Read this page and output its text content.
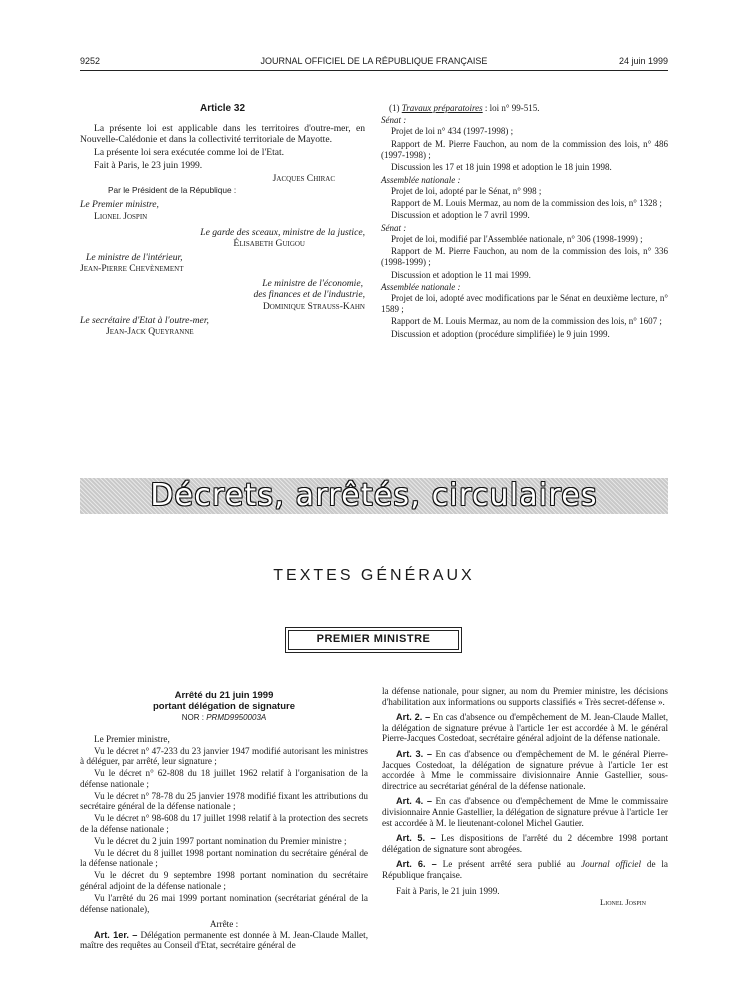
9252	JOURNAL OFFICIEL DE LA RÉPUBLIQUE FRANÇAISE	24 juin 1999
Article 32

La présente loi est applicable dans les territoires d'outre-mer, en Nouvelle-Calédonie et dans la collectivité territoriale de Mayotte.

La présente loi sera exécutée comme loi de l'Etat.

Fait à Paris, le 23 juin 1999.

Jacques Chirac

Par le Président de la République :

Le Premier ministre,

Lionel Jospin

Le garde des sceaux, ministre de la justice,

Élisabeth Guigou

Le ministre de l'intérieur,

Jean-Pierre Chevènement

Le ministre de l'économie,

des finances et de l'industrie,

Dominique Strauss-Kahn

Le secrétaire d'Etat à l'outre-mer,

Jean-Jack Queyranne

(1) Travaux préparatoires : loi n° 99-515.

Sénat :

Projet de loi n° 434 (1997-1998) ;

Rapport de M. Pierre Fauchon, au nom de la commission des lois, n° 486 (1997-1998) ;

Discussion les 17 et 18 juin 1998 et adoption le 18 juin 1998.

Assemblée nationale :

Projet de loi, adopté par le Sénat, n° 998 ;

Rapport de M. Louis Mermaz, au nom de la commission des lois, n° 1328 ;

Discussion et adoption le 7 avril 1999.

Sénat :

Projet de loi, modifié par l'Assemblée nationale, n° 306 (1998-1999) ;

Rapport de M. Pierre Fauchon, au nom de la commission des lois, n° 336 (1998-1999) ;

Discussion et adoption le 11 mai 1999.

Assemblée nationale :

Projet de loi, adopté avec modifications par le Sénat en deuxième lecture, n° 1589 ;

Rapport de M. Louis Mermaz, au nom de la commission des lois, n° 1607 ;

Discussion et adoption (procédure simplifiée) le 9 juin 1999.

Décrets, arrêtés, circulaires
TEXTES GÉNÉRAUX
PREMIER MINISTRE
Arrêté du 21 juin 1999
portant délégation de signature
NOR : PRMD9950003A

Le Premier ministre,

Vu le décret n° 47-233 du 23 janvier 1947 modifié autorisant les ministres à déléguer, par arrêté, leur signature ;

Vu le décret n° 62-808 du 18 juillet 1962 relatif à l'organisation de la défense nationale ;

Vu le décret n° 78-78 du 25 janvier 1978 modifié fixant les attributions du secrétaire général de la défense nationale ;

Vu le décret n° 98-608 du 17 juillet 1998 relatif à la protection des secrets de la défense nationale ;

Vu le décret du 2 juin 1997 portant nomination du Premier ministre ;

Vu le décret du 8 juillet 1998 portant nomination du secrétaire général de la défense nationale ;

Vu le décret du 9 septembre 1998 portant nomination du secrétaire général adjoint de la défense nationale ;

Vu l'arrêté du 26 mai 1999 portant nomination (secrétariat général de la défense nationale),

Arrête :

Art. 1er. – Délégation permanente est donnée à M. Jean-Claude Mallet, maître des requêtes au Conseil d'Etat, secrétaire général de

la défense nationale, pour signer, au nom du Premier ministre, les décisions d'habilitation aux informations ou supports classifiés « Très secret-défense ».

Art. 2. – En cas d'absence ou d'empêchement de M. Jean-Claude Mallet, la délégation de signature prévue à l'article 1er est accordée à M. le général Pierre-Jacques Costedoat, secrétaire général adjoint de la défense nationale.

Art. 3. – En cas d'absence ou d'empêchement de M. le général Pierre-Jacques Costedoat, la délégation de signature prévue à l'article 1er est accordée à Mme le commissaire divisionnaire Annie Gastellier, sous-directrice au secrétariat général de la défense nationale.

Art. 4. – En cas d'absence ou d'empêchement de Mme le commissaire divisionnaire Annie Gastellier, la délégation de signature prévue à l'article 1er est accordée à M. le lieutenant-colonel Michel Gautier.

Art. 5. – Les dispositions de l'arrêté du 2 décembre 1998 portant délégation de signature sont abrogées.

Art. 6. – Le présent arrêté sera publié au Journal officiel de la République française.

Fait à Paris, le 21 juin 1999.

Lionel Jospin
